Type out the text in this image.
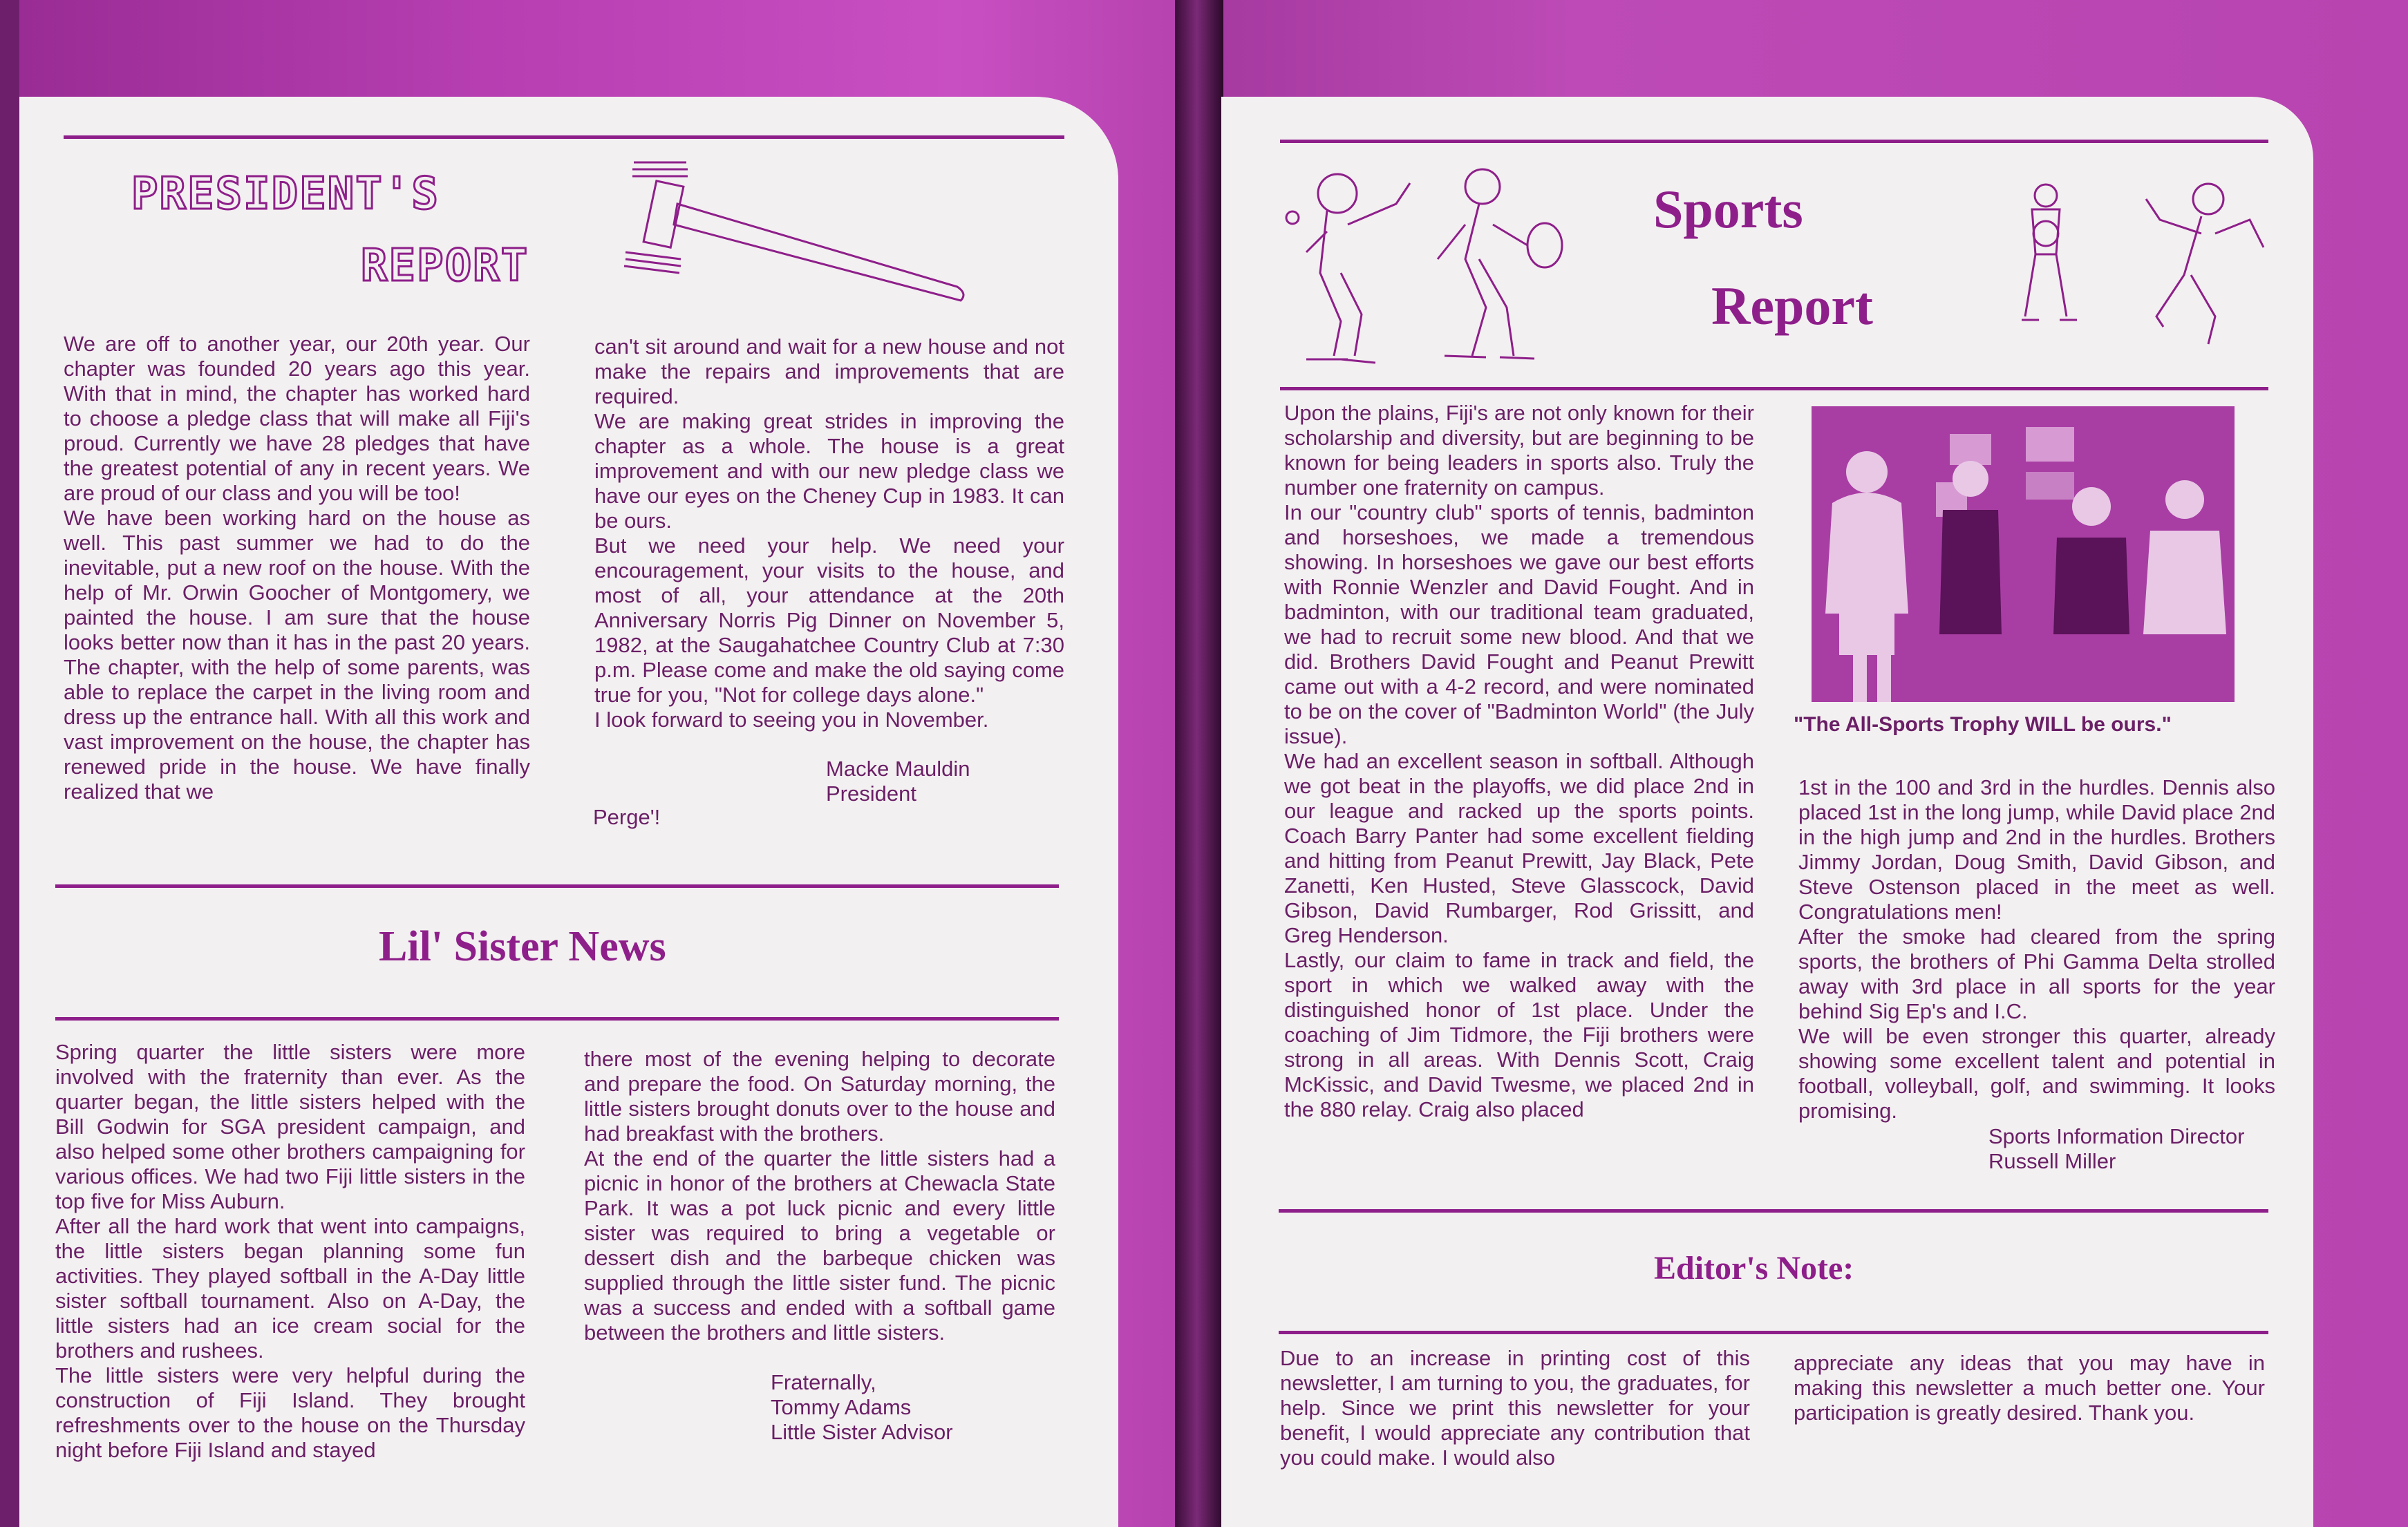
PRESIDENT'S
REPORT
We are off to another year, our 20th year. Our chapter was founded 20 years ago this year. With that in mind, the chapter has worked hard to choose a pledge class that will make all Fiji's proud. Currently we have 28 pledges that have the greatest potential of any in recent years. We are proud of our class and you will be too!
We have been working hard on the house as well. This past summer we had to do the inevitable, put a new roof on the house. With the help of Mr. Orwin Goocher of Montgomery, we painted the house. I am sure that the house looks better now than it has in the past 20 years. The chapter, with the help of some parents, was able to replace the carpet in the living room and dress up the entrance hall. With all this work and vast improvement on the house, the chapter has renewed pride in the house. We have finally realized that we
can't sit around and wait for a new house and not make the repairs and improvements that are required.
We are making great strides in improving the chapter as a whole. The house is a great improvement and with our new pledge class we have our eyes on the Cheney Cup in 1983. It can be ours.
But we need your help. We need your encouragement, your visits to the house, and most of all, your attendance at the 20th Anniversary Norris Pig Dinner on November 5, 1982, at the Saugahatchee Country Club at 7:30 p.m. Please come and make the old saying come true for you, "Not for college days alone."
I look forward to seeing you in November.
Macke Mauldin
President
Perge'!
Lil' Sister News
Spring quarter the little sisters were more involved with the fraternity than ever. As the quarter began, the little sisters helped with the Bill Godwin for SGA president campaign, and also helped some other brothers campaigning for various offices. We had two Fiji little sisters in the top five for Miss Auburn.
After all the hard work that went into campaigns, the little sisters began planning some fun activities. They played softball in the A-Day little sister softball tournament. Also on A-Day, the little sisters had an ice cream social for the brothers and rushees.
The little sisters were very helpful during the construction of Fiji Island. They brought refreshments over to the house on the Thursday night before Fiji Island and stayed
there most of the evening helping to decorate and prepare the food. On Saturday morning, the little sisters brought donuts over to the house and had breakfast with the brothers.
At the end of the quarter the little sisters had a picnic in honor of the brothers at Chewacla State Park. It was a pot luck picnic and every little sister was required to bring a vegetable or dessert dish and the barbeque chicken was supplied through the little sister fund. The picnic was a success and ended with a softball game between the brothers and little sisters.
Fraternally,
Tommy Adams
Little Sister Advisor
Sports
Report
Upon the plains, Fiji's are not only known for their scholarship and diversity, but are beginning to be known for being leaders in sports also. Truly the number one fraternity on campus.
In our "country club" sports of tennis, badminton and horseshoes, we made a tremendous showing. In horseshoes we gave our best efforts with Ronnie Wenzler and David Fought. And in badminton, with our traditional team graduated, we had to recruit some new blood. And that we did. Brothers David Fought and Peanut Prewitt came out with a 4-2 record, and were nominated to be on the cover of "Badminton World" (the July issue).
We had an excellent season in softball. Although we got beat in the playoffs, we did place 2nd in our league and racked up the sports points. Coach Barry Panter had some excellent fielding and hitting from Peanut Prewitt, Jay Black, Pete Zanetti, Ken Husted, Steve Glasscock, David Gibson, David Rumbarger, Rod Grissitt, and Greg Henderson.
Lastly, our claim to fame in track and field, the sport in which we walked away with the distinguished honor of 1st place. Under the coaching of Jim Tidmore, the Fiji brothers were strong in all areas. With Dennis Scott, Craig McKissic, and David Twesme, we placed 2nd in the 880 relay. Craig also placed
"The All-Sports Trophy WILL be ours."
1st in the 100 and 3rd in the hurdles. Dennis also placed 1st in the long jump, while David place 2nd in the high jump and 2nd in the hurdles. Brothers Jimmy Jordan, Doug Smith, David Gibson, and Steve Ostenson placed in the meet as well. Congratulations men!
After the smoke had cleared from the spring sports, the brothers of Phi Gamma Delta strolled away with 3rd place in all sports for the year behind Sig Ep's and I.C.
We will be even stronger this quarter, already showing some excellent talent and potential in football, volleyball, golf, and swimming. It looks promising.
Sports Information Director
Russell Miller
Editor's Note:
Due to an increase in printing cost of this newsletter, I am turning to you, the graduates, for help. Since we print this newsletter for your benefit, I would appreciate any contribution that you could make. I would also
appreciate any ideas that you may have in making this newsletter a much better one. Your participation is greatly desired. Thank you.
